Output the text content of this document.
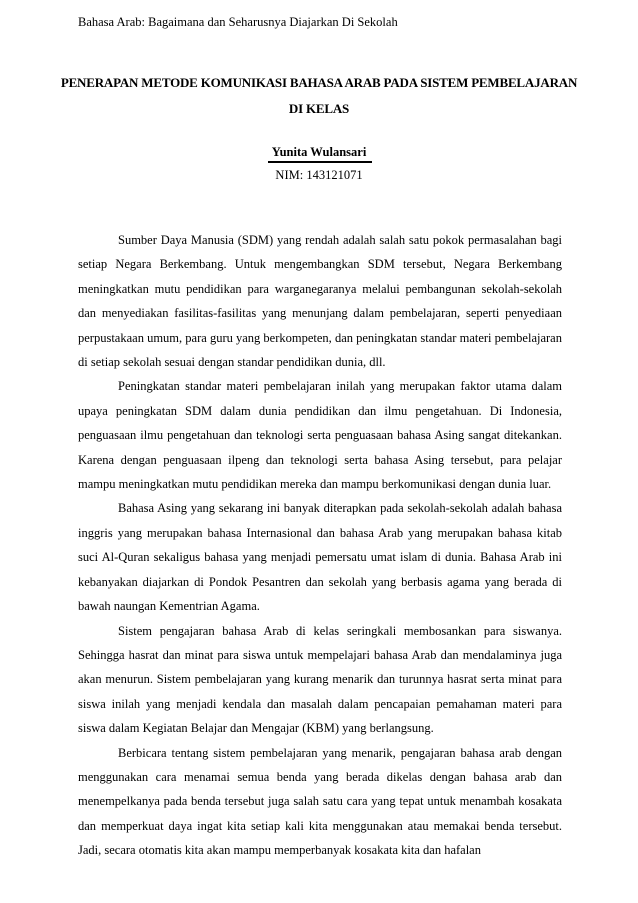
Bahasa Arab: Bagaimana dan Seharusnya Diajarkan Di Sekolah
PENERAPAN METODE KOMUNIKASI BAHASA ARAB PADA SISTEM PEMBELAJARAN DI KELAS
Yunita Wulansari
NIM: 143121071

Sumber Daya Manusia (SDM) yang rendah adalah salah satu pokok permasalahan bagi setiap Negara Berkembang. Untuk mengembangkan SDM tersebut, Negara Berkembang meningkatkan mutu pendidikan para warganegaranya melalui pembangunan sekolah-sekolah dan menyediakan fasilitas-fasilitas yang menunjang dalam pembelajaran, seperti penyediaan perpustakaan umum, para guru yang berkompeten, dan peningkatan standar materi pembelajaran di setiap sekolah sesuai dengan standar pendidikan dunia, dll.

Peningkatan standar materi pembelajaran inilah yang merupakan faktor utama dalam upaya peningkatan SDM dalam dunia pendidikan dan ilmu pengetahuan. Di Indonesia, penguasaan ilmu pengetahuan dan teknologi serta penguasaan bahasa Asing sangat ditekankan. Karena dengan penguasaan ilpeng dan teknologi serta bahasa Asing tersebut, para pelajar mampu meningkatkan mutu pendidikan mereka dan mampu berkomunikasi dengan dunia luar.

Bahasa Asing yang sekarang ini banyak diterapkan pada sekolah-sekolah adalah bahasa inggris yang merupakan bahasa Internasional dan bahasa Arab yang merupakan bahasa kitab suci Al-Quran sekaligus bahasa yang menjadi pemersatu umat islam di dunia. Bahasa Arab ini kebanyakan diajarkan di Pondok Pesantren dan sekolah yang berbasis agama yang berada di bawah naungan Kementrian Agama.

Sistem pengajaran bahasa Arab di kelas seringkali membosankan para siswanya. Sehingga hasrat dan minat para siswa untuk mempelajari bahasa Arab dan mendalaminya juga akan menurun. Sistem pembelajaran yang kurang menarik dan turunnya hasrat serta minat para siswa inilah yang menjadi kendala dan masalah dalam pencapaian pemahaman materi para siswa dalam Kegiatan Belajar dan Mengajar (KBM) yang berlangsung.

Berbicara tentang sistem pembelajaran yang menarik, pengajaran bahasa arab dengan menggunakan cara menamai semua benda yang berada dikelas dengan bahasa arab dan menempelkanya pada benda tersebut juga salah satu cara yang tepat untuk menambah kosakata dan memperkuat daya ingat kita setiap kali kita menggunakan atau memakai benda tersebut. Jadi, secara otomatis kita akan mampu memperbanyak kosakata kita dan hafalan
